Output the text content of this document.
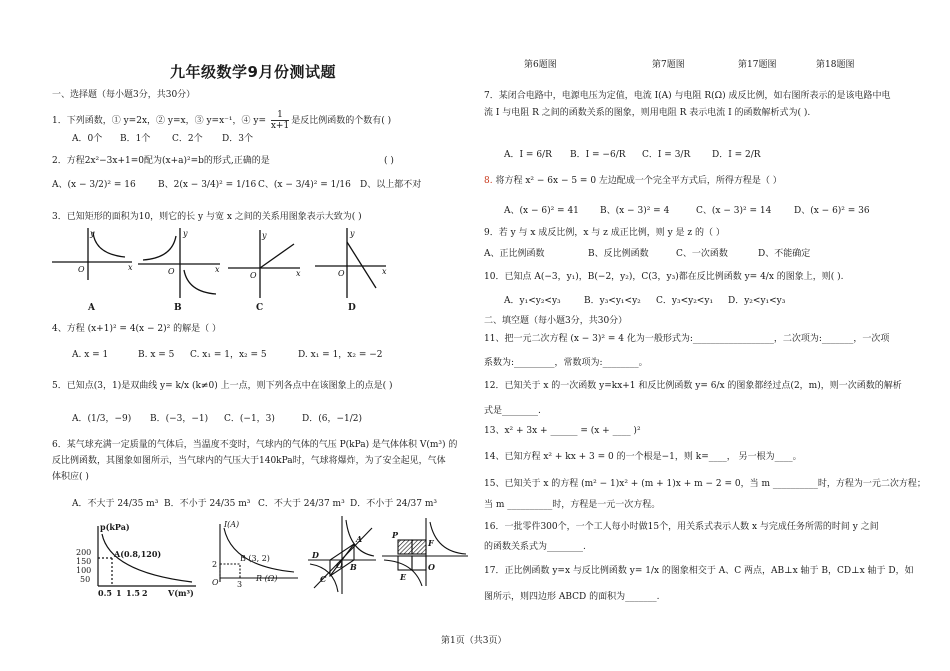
第6题图	第7题图	第17题图	第18题图
九年级数学9月份测试题
一、选择题（每小题3分，共30分）
1．下列函数，① y=2x，② y=x，③ y=x⁻¹，④ $y= \frac{1}{x+1}$ 是反比例函数的个数有( )
A．0个 B．1个 C．2个 D．3个
2．方程2x²−3x+1=0配为(x+a)²=b的形式,正确的是	( )
A、(x − 3/2)² = 16 B、2(x − 3/4)² = 1/16 C、(x − 3/4)² = 1/16 D、以上都不对
3．已知矩形的面积为10，则它的长 y 与宽 x 之间的关系用图象表示大致为( )
y
x
O
y
x
O
y
x
O
y
x
O
A	B	C	D
4、方程 (x+1)² = 4(x − 2)² 的解是（ ）
A. x = 1	B. x = 5 C. x₁ = 1，x₂ = 5	D. x₁ = 1，x₂ = −2
5．已知点(3，1)是双曲线 y= k/x (k≠0) 上一点，则下列各点中在该图象上的点是( )
A．(1/3，−9) B．(−3，−1) C．(−1，3)	D．(6，−1/2)
6．某气球充满一定质量的气体后，当温度不变时，气球内的气体的气压 P(kPa) 是气体体积 V(m³) 的
反比例函数，其图象如图所示，当气球内的气压大于140kPa时，气球将爆炸，为了安全起见，气体
体积应( )
A．不大于 24/35 m³ B．不小于 24/35 m³ C．不大于 24/37 m³ D．不小于 24/37 m³
p(kPa)
A(0.8,120)
200
150
100
50
0.5 1 1.5 2	V(m³)
I(A)
B (3, 2)
2
3
O	R (Ω)
D
A
O B
C
P
F
E
O
7．某闭合电路中，电源电压为定值，电流 I(A) 与电阻 R(Ω) 成反比例，如右图所表示的是该电路中电
流 I 与电阻 R 之间的函数关系的图象，则用电阻 R 表示电流 I 的函数解析式为( ).
A．I = 6/R B．I = −6/R C．I = 3/R D．I = 2/R
8. 将方程 x² − 6x − 5 = 0 左边配成一个完全平方式后，所得方程是（ ）
A、(x − 6)² = 41 B、(x − 3)² = 4	C、(x − 3)² = 14	D、(x − 6)² = 36
9．若 y 与 x 成反比例，x 与 z 成正比例，则 y 是 z 的（ ）
A、正比例函数	B、反比例函数	C、一次函数	D、不能确定
10．已知点 A(−3，y₁)，B(−2，y₂)，C(3，y₃)都在反比例函数 y= 4/x 的图象上，则( ).
A．y₁<y₂<y₃	B．y₃<y₁<y₂ C．y₃<y₂<y₁ D．y₂<y₁<y₃
二、填空题（每小题3分，共30分）
11、把一元二次方程 (x − 3)² = 4 化为一般形式为:__________________，二次项为:_______，一次项
系数为:_________，常数项为:________。
12．已知关于 x 的一次函数 y=kx+1 和反比例函数 y= 6/x 的图象都经过点(2，m)，则一次函数的解析
式是________.
13、x² + 3x + ______ = (x + ____ )²
14、已知方程 x² + kx + 3 = 0 的一个根是−1，则 k=____， 另一根为____。
15、已知关于 x 的方程 (m² − 1)x² + (m + 1)x + m − 2 = 0，当 m __________时，方程为一元二次方程；
当 m __________时，方程是一元一次方程。
16．一批零件300个，一个工人每小时做15个，用关系式表示人数 x 与完成任务所需的时间 y 之间
的函数关系式为________.
17．正比例函数 y=x 与反比例函数 y= 1/x 的图象相交于 A、C 两点，AB⊥x 轴于 B，CD⊥x 轴于 D，如
图所示，则四边形 ABCD 的面积为_______.
第1页（共3页）
